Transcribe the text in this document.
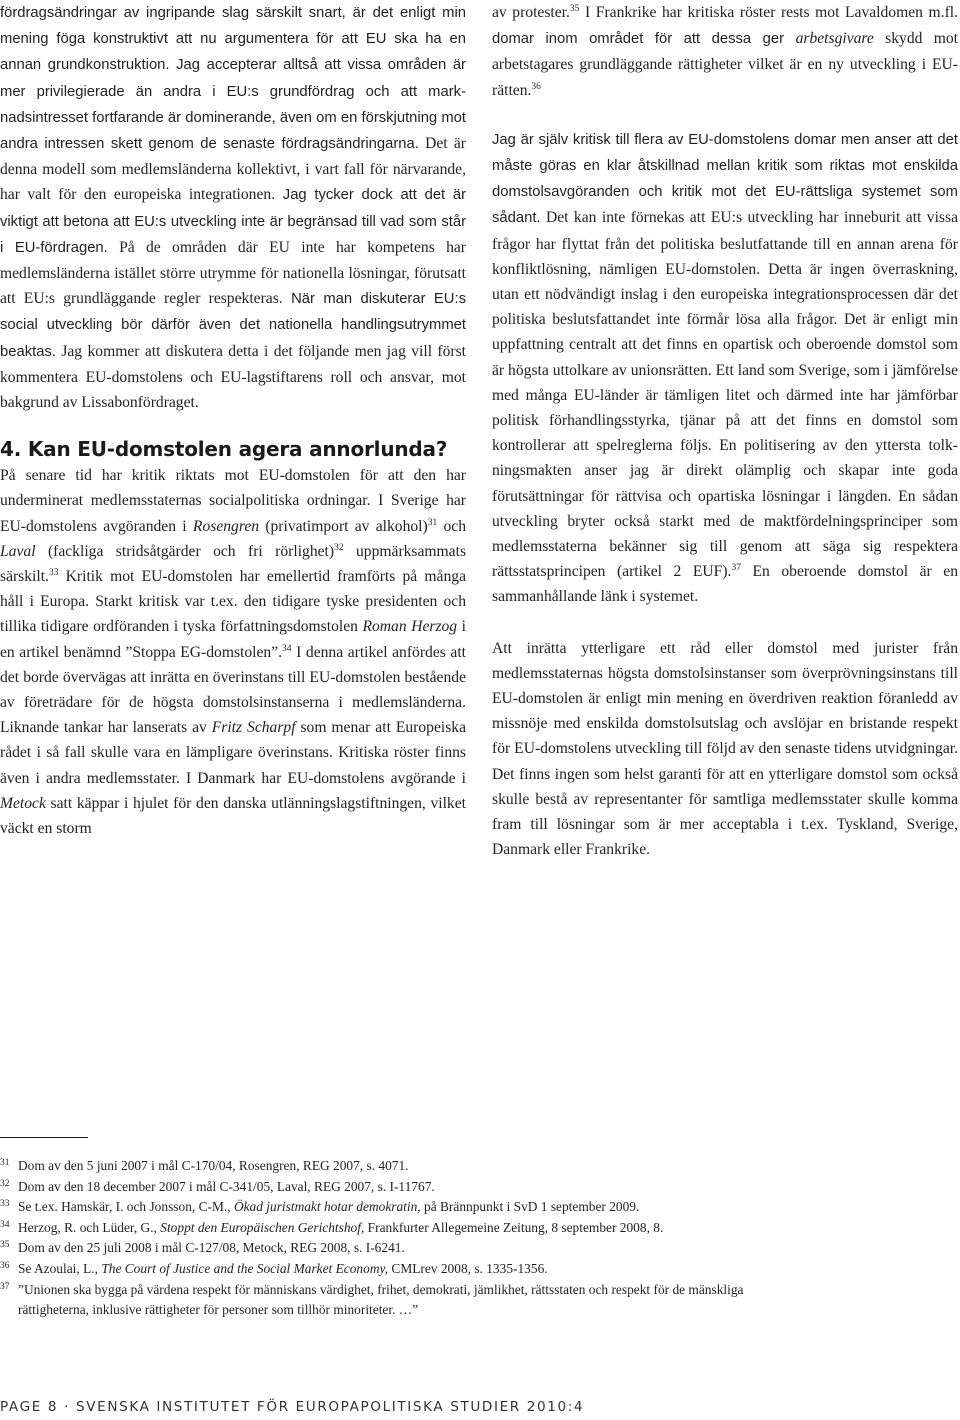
fördragsändringar av ingripande slag särskilt snart, är det enligt min mening föga konstruktivt att nu argumentera för att EU ska ha en annan grundkonstruktion. Jag accepterar alltså att vissa områden är mer privilegierade än andra i EU:s grundfördrag och att marknadsintresset fortfarande är dominerande, även om en förskjutning mot andra intressen skett genom de senaste fördragsändringarna. Det är denna modell som medlemsländerna kollektivt, i vart fall för närvarande, har valt för den europeiska integrationen. Jag tycker dock att det är viktigt att betona att EU:s utveckling inte är begränsad till vad som står i EU-fördragen. På de områden där EU inte har kompetens har medlemsländerna istället större utrymme för nationella lösningar, förutsatt att EU:s grundläggande regler respekteras. När man diskuterar EU:s social utveckling bör därför även det nationella handlingsutrymmet beaktas. Jag kommer att diskutera detta i det följande men jag vill först kommentera EU-domstolens och EU-lagstiftarens roll och ansvar, mot bakgrund av Lissabonfördraget.

4. Kan EU-domstolen agera annorlunda?

På senare tid har kritik riktats mot EU-domstolen för att den har underminerat medlemsstaternas socialpolitiska ordningar. I Sverige har EU-domstolens avgöranden i Rosengren (privatimport av alkohol)$^{31}$ och Laval (fackliga stridsåtgärder och fri rörlighet)$^{32}$ uppmärksammats särskilt.$^{33}$ Kritik mot EU-domstolen har emellertid framförts på många håll i Europa. Starkt kritisk var t.ex. den tidigare tyske presidenten och tillika tidigare ordföranden i tyska författningsdomstolen Roman Herzog i en artikel benämnd ”Stoppa EG-domstolen”.$^{34}$ I denna artikel anfördes att det borde övervägas att inrätta en överinstans till EU-domstolen bestående av företrädare för de högsta domstolsinstanserna i medlemsländerna. Liknande tankar har lanserats av Fritz Scharpf som menar att Europeiska rådet i så fall skulle vara en lämpligare överinstans. Kritiska röster finns även i andra medlemsstater. I Danmark har EU-domstolens avgörande i Metock satt käppar i hjulet för den danska utlänningslagstiftningen, vilket väckt en storm

av protester.$^{35}$ I Frankrike har kritiska röster rests mot Lavaldomen m.fl. domar inom området för att dessa ger arbetsgivare skydd mot arbetstagares grundläggande rättigheter vilket är en ny utveckling i EU-rätten.$^{36}$

Jag är själv kritisk till flera av EU-domstolens domar men anser att det måste göras en klar åtskillnad mellan kritik som riktas mot enskilda domstolsavgöranden och kritik mot det EU-rättsliga systemet som sådant. Det kan inte förnekas att EU:s utveckling har inneburit att vissa frågor har flyttat från det politiska beslutfattande till en annan arena för konfliktlösning, nämligen EU-domstolen. Detta är ingen överraskning, utan ett nödvändigt inslag i den europeiska integrationsprocessen där det politiska beslutsfattandet inte förmår lösa alla frågor. Det är enligt min uppfattning centralt att det finns en opartisk och oberoende domstol som är högsta uttolkare av unionsrätten. Ett land som Sverige, som i jämförelse med många EU-länder är tämligen litet och därmed inte har jämförbar politisk förhandlingsstyrka, tjänar på att det finns en domstol som kontrollerar att spelreglerna följs. En politisering av den yttersta tolkningsmakten anser jag är direkt olämplig och skapar inte goda förutsättningar för rättvisa och opartiska lösningar i längden. En sådan utveckling bryter också starkt med de maktfördelningsprinciper som medlemsstaterna bekänner sig till genom att säga sig respektera rättsstatsprincipen (artikel 2 EUF).$^{37}$ En oberoende domstol är en sammanhållande länk i systemet.

Att inrätta ytterligare ett råd eller domstol med jurister från medlemsstaternas högsta domstolsinstanser som överprövningsinstans till EU-domstolen är enligt min mening en överdriven reaktion föranledd av missnöje med enskilda domstolsutslag och avslöjar en bristande respekt för EU-domstolens utveckling till följd av den senaste tidens utvidgningar. Det finns ingen som helst garanti för att en ytterligare domstol som också skulle bestå av representanter för samtliga medlemsstater skulle komma fram till lösningar som är mer acceptabla i t.ex. Tyskland, Sverige, Danmark eller Frankrike.

31 Dom av den 5 juni 2007 i mål C-170/04, Rosengren, REG 2007, s. 4071.
32 Dom av den 18 december 2007 i mål C-341/05, Laval, REG 2007, s. I-11767.
33 Se t.ex. Hamskär, I. och Jonsson, C-M., Ökad juristmakt hotar demokratin, på Brännpunkt i SvD 1 september 2009.
34 Herzog, R. och Lüder, G., Stoppt den Europäischen Gerichtshof, Frankfurter Allegemeine Zeitung, 8 september 2008, 8.
35 Dom av den 25 juli 2008 i mål C-127/08, Metock, REG 2008, s. I-6241.
36 Se Azoulai, L., The Court of Justice and the Social Market Economy, CMLrev 2008, s. 1335-1356.
37 ”Unionen ska bygga på värdena respekt för människans värdighet, frihet, demokrati, jämlikhet, rättsstaten och respekt för de mänskliga rättigheterna, inklusive rättigheter för personer som tillhör minoriteter. …”
PAGE 8 · SVENSKA INSTITUTET FÖR EUROPAPOLITISKA STUDIER 2010:4
